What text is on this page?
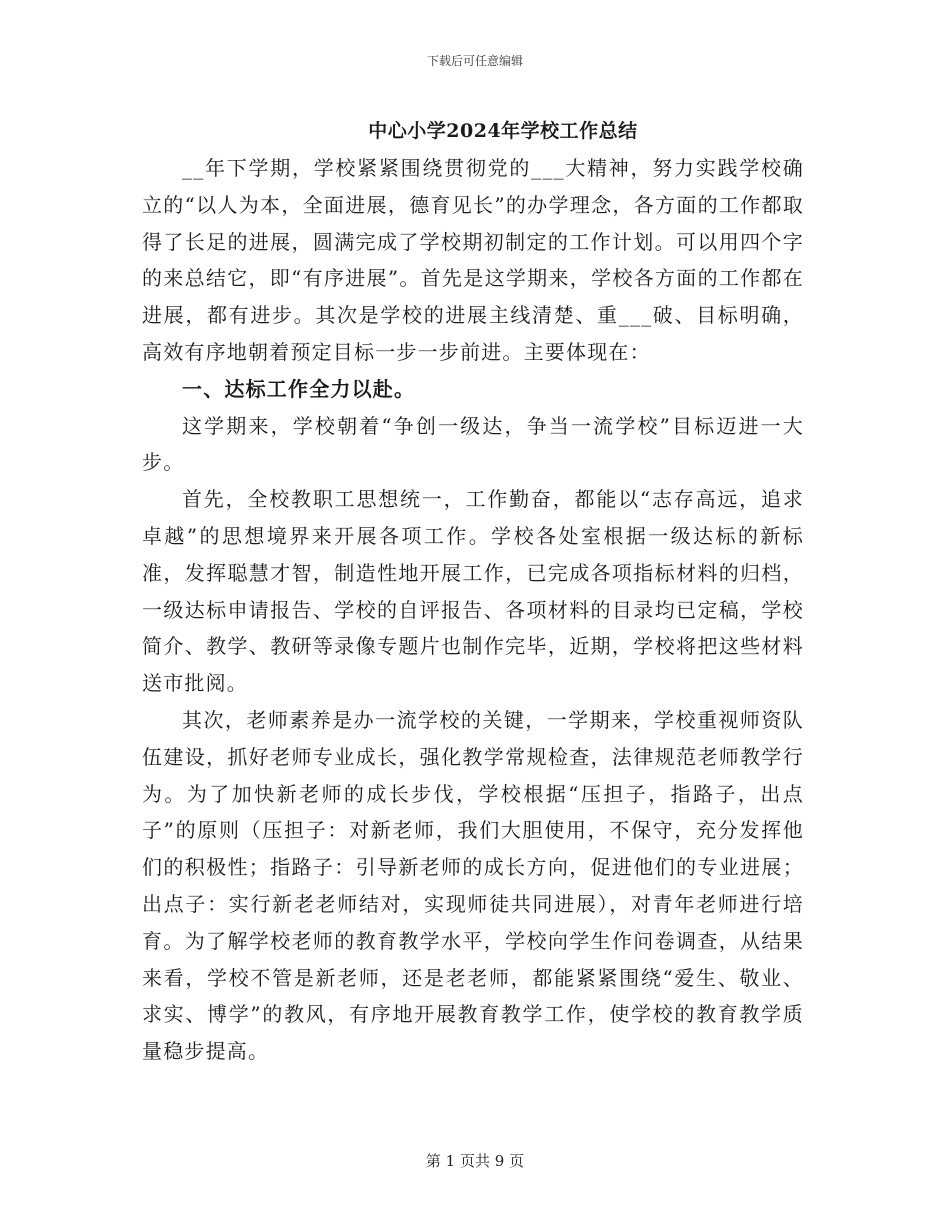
下载后可任意编辑
中心小学2024年学校工作总结

__年下学期，学校紧紧围绕贯彻党的___大精神，努力实践学校确立的“以人为本，全面进展，德育见长”的办学理念，各方面的工作都取得了长足的进展，圆满完成了学校期初制定的工作计划。可以用四个字的来总结它，即“有序进展”。首先是这学期来，学校各方面的工作都在进展，都有进步。其次是学校的进展主线清楚、重___破、目标明确，高效有序地朝着预定目标一步一步前进。主要体现在：

一、达标工作全力以赴。

这学期来，学校朝着“争创一级达，争当一流学校”目标迈进一大步。

首先，全校教职工思想统一，工作勤奋，都能以“志存高远，追求卓越”的思想境界来开展各项工作。学校各处室根据一级达标的新标准，发挥聪慧才智，制造性地开展工作，已完成各项指标材料的归档，一级达标申请报告、学校的自评报告、各项材料的目录均已定稿，学校简介、教学、教研等录像专题片也制作完毕，近期，学校将把这些材料送市批阅。

其次，老师素养是办一流学校的关键，一学期来，学校重视师资队伍建设，抓好老师专业成长，强化教学常规检查，法律规范老师教学行为。为了加快新老师的成长步伐，学校根据“压担子，指路子，出点子”的原则（压担子：对新老师，我们大胆使用，不保守，充分发挥他们的积极性；指路子：引导新老师的成长方向，促进他们的专业进展；出点子：实行新老老师结对，实现师徒共同进展），对青年老师进行培育。为了解学校老师的教育教学水平，学校向学生作问卷调查，从结果来看，学校不管是新老师，还是老老师，都能紧紧围绕“爱生、敬业、求实、博学”的教风，有序地开展教育教学工作，使学校的教育教学质量稳步提高。

第 1 页共 9 页
